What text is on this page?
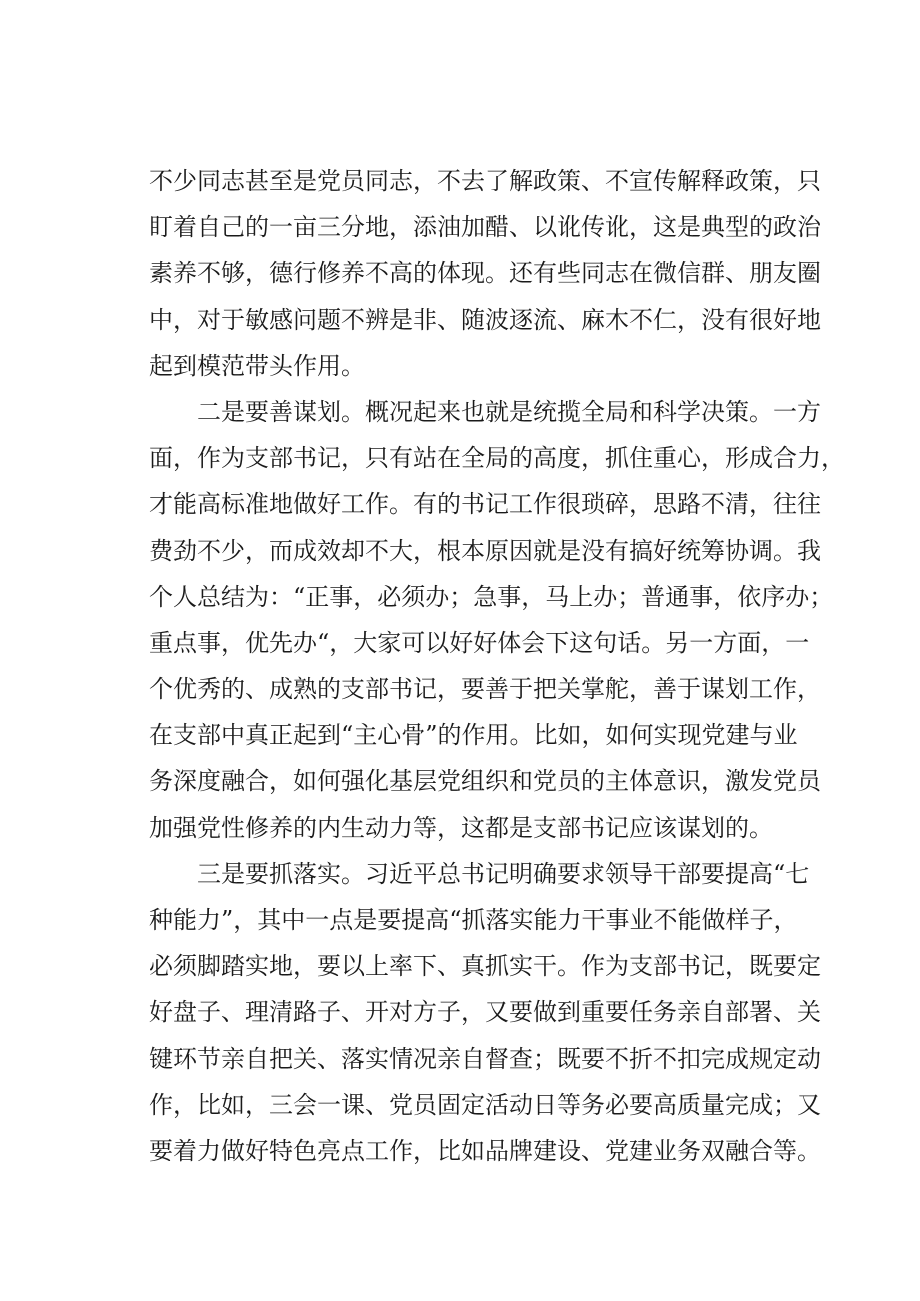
不少同志甚至是党员同志，不去了解政策、不宣传解释政策，只
盯着自己的一亩三分地，添油加醋、以讹传讹，这是典型的政治
素养不够，德行修养不高的体现。还有些同志在微信群、朋友圈
中，对于敏感问题不辨是非、随波逐流、麻木不仁，没有很好地
起到模范带头作用。
二是要善谋划。概况起来也就是统揽全局和科学决策。一方
面，作为支部书记，只有站在全局的高度，抓住重心，形成合力，
才能高标准地做好工作。有的书记工作很琐碎，思路不清，往往
费劲不少，而成效却不大，根本原因就是没有搞好统筹协调。我
个人总结为：“正事，必须办；急事，马上办；普通事，依序办；
重点事，优先办“，大家可以好好体会下这句话。另一方面，一
个优秀的、成熟的支部书记，要善于把关掌舵，善于谋划工作，
在支部中真正起到“主心骨”的作用。比如，如何实现党建与业
务深度融合，如何强化基层党组织和党员的主体意识，激发党员
加强党性修养的内生动力等，这都是支部书记应该谋划的。
三是要抓落实。习近平总书记明确要求领导干部要提高“七
种能力”，其中一点是要提高“抓落实能力干事业不能做样子，
必须脚踏实地，要以上率下、真抓实干。作为支部书记，既要定
好盘子、理清路子、开对方子，又要做到重要任务亲自部署、关
键环节亲自把关、落实情况亲自督查；既要不折不扣完成规定动
作，比如，三会一课、党员固定活动日等务必要高质量完成；又
要着力做好特色亮点工作，比如品牌建设、党建业务双融合等。
